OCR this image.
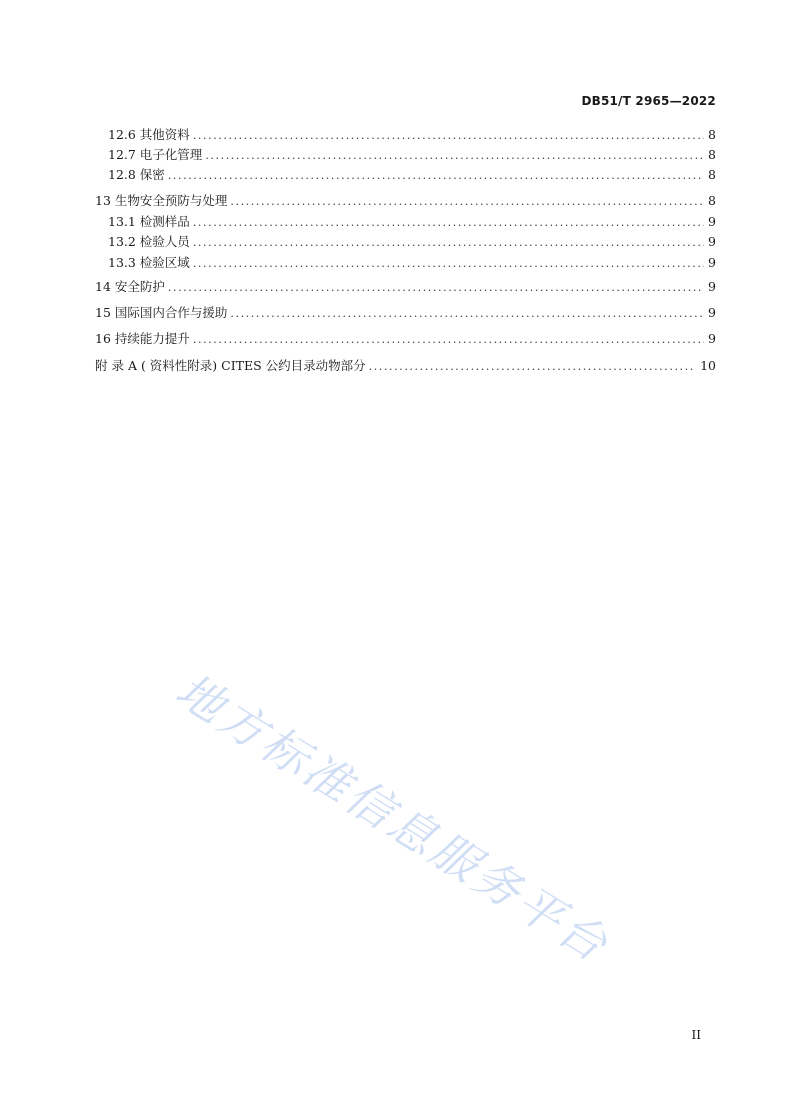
DB51/T 2965—2022
12.6 其他资料 .....	8
12.7 电子化管理 .....	8
12.8 保密 .....	8
13 生物安全预防与处理 .....	8
13.1 检测样品 .....	9
13.2 检验人员 .....	9
13.3 检验区域 .....	9
14 安全防护 .....	9
15 国际国内合作与援助 .....	9
16 持续能力提升 .....	9
附 录 A ( 资料性附录) CITES 公约目录动物部分 .....	10
地方标准信息服务平台
II
